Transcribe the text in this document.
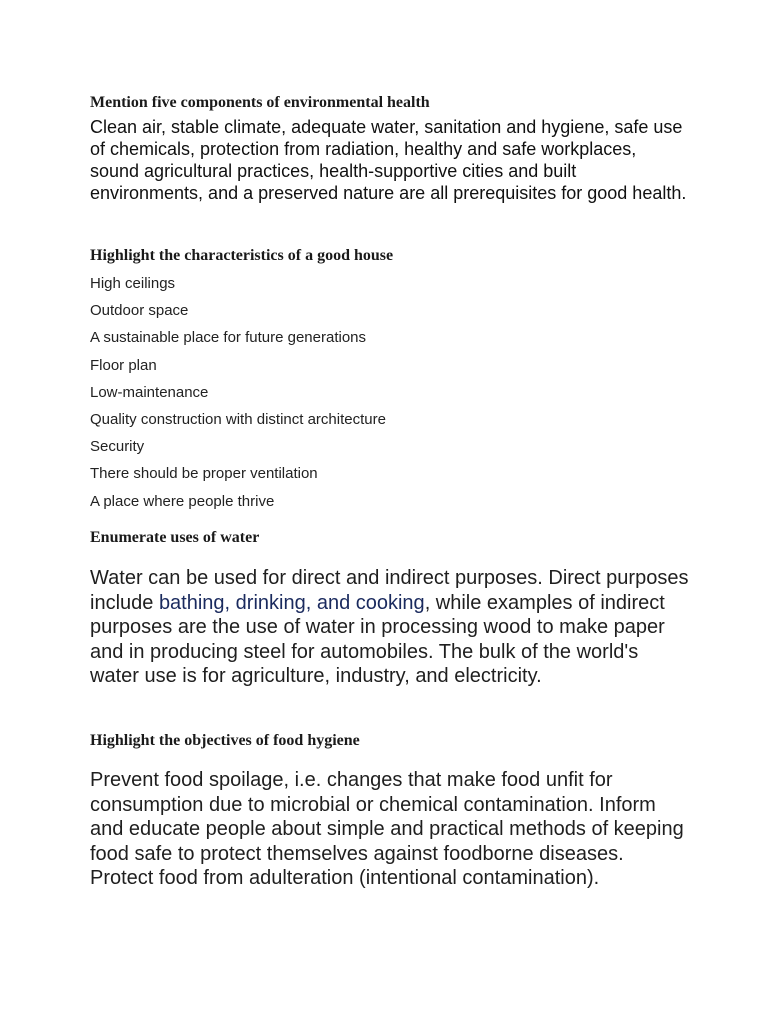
Mention five components of environmental health

Clean air, stable climate, adequate water, sanitation and hygiene, safe use of chemicals, protection from radiation, healthy and safe workplaces, sound agricultural practices, health-supportive cities and built environments, and a preserved nature are all prerequisites for good health.

Highlight the characteristics of a good house
High ceilings
Outdoor space
A sustainable place for future generations
Floor plan
Low-maintenance
Quality construction with distinct architecture
Security
There should be proper ventilation
A place where people thrive
Enumerate uses of water

Water can be used for direct and indirect purposes. Direct purposes include bathing, drinking, and cooking, while examples of indirect purposes are the use of water in processing wood to make paper and in producing steel for automobiles. The bulk of the world's water use is for agriculture, industry, and electricity.

Highlight the objectives of food hygiene

Prevent food spoilage, i.e. changes that make food unfit for consumption due to microbial or chemical contamination. Inform and educate people about simple and practical methods of keeping food safe to protect themselves against foodborne diseases. Protect food from adulteration (intentional contamination).
